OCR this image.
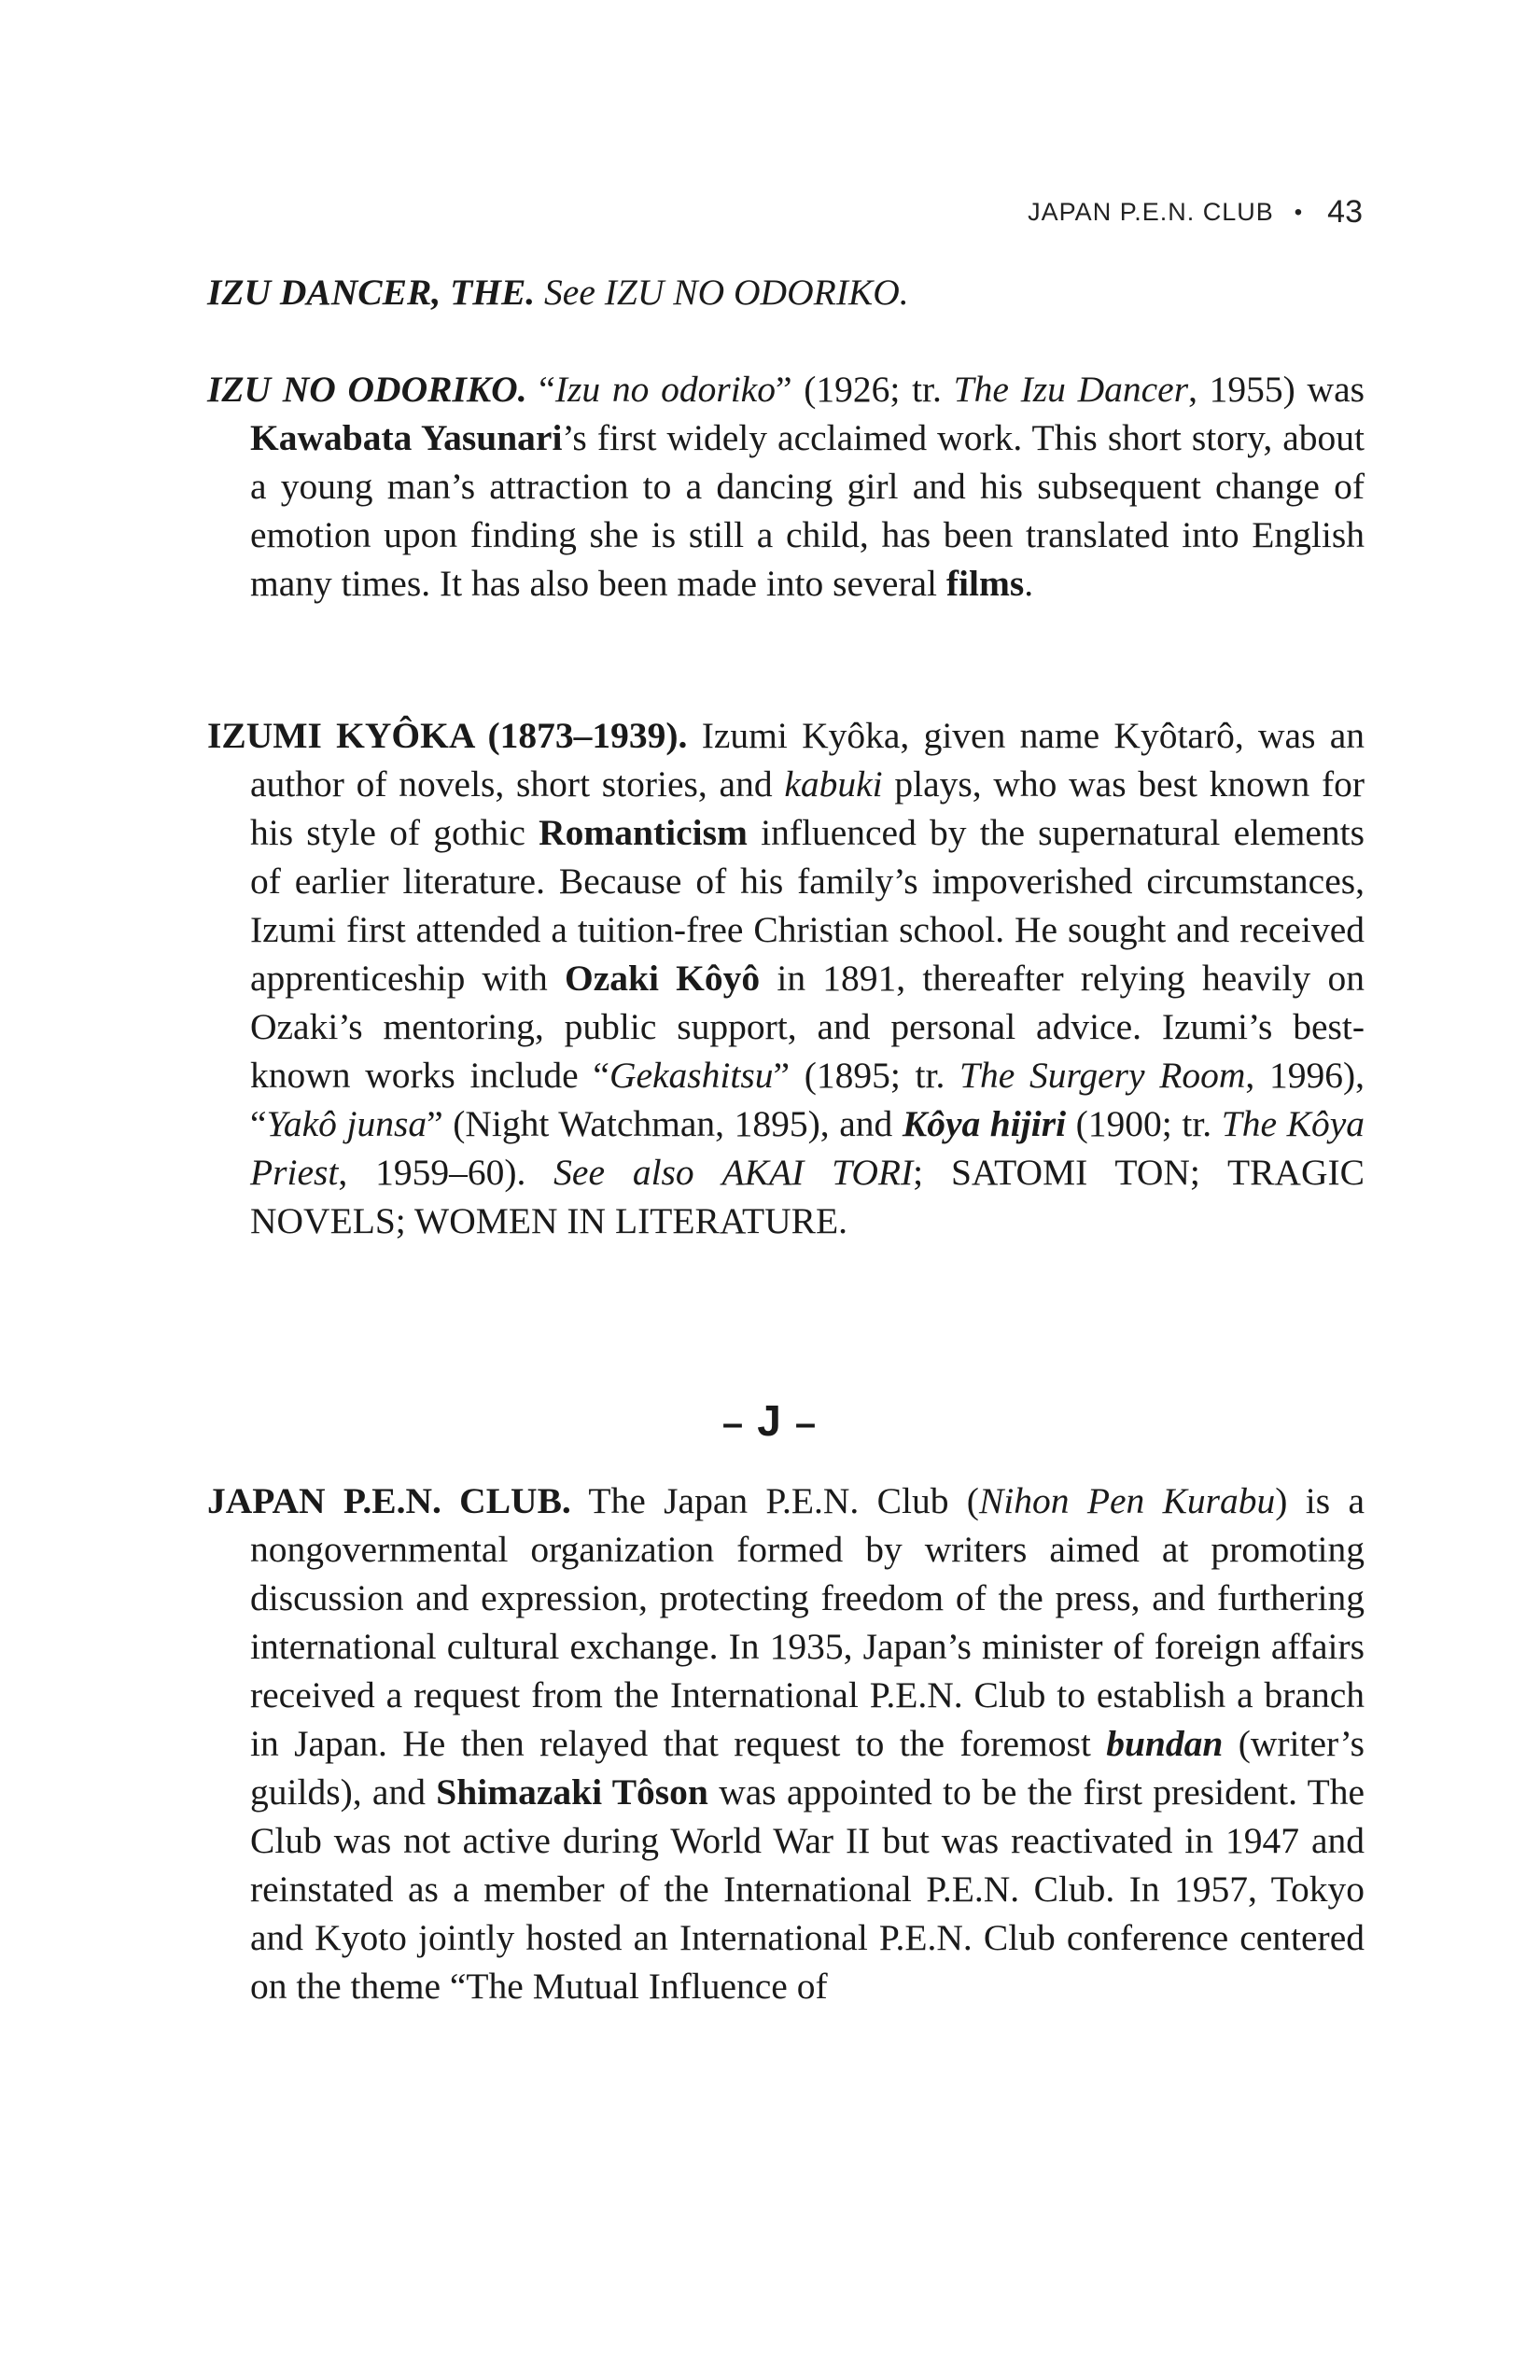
JAPAN P.E.N. CLUB • 43

IZU DANCER, THE. See IZU NO ODORIKO.

IZU NO ODORIKO. “Izu no odoriko” (1926; tr. The Izu Dancer, 1955) was Kawabata Yasunari’s first widely acclaimed work. This short story, about a young man’s attraction to a dancing girl and his subsequent change of emotion upon finding she is still a child, has been translated into English many times. It has also been made into several films.

IZUMI KYÔKA (1873–1939). Izumi Kyôka, given name Kyôtarô, was an author of novels, short stories, and kabuki plays, who was best known for his style of gothic Romanticism influenced by the supernatural elements of earlier literature. Because of his family’s impoverished circumstances, Izumi first attended a tuition-free Christian school. He sought and received apprenticeship with Ozaki Kôyô in 1891, thereafter relying heavily on Ozaki’s mentoring, public support, and personal advice. Izumi’s best-known works include “Gekashitsu” (1895; tr. The Surgery Room, 1996), “Yakô junsa” (Night Watchman, 1895), and Kôya hijiri (1900; tr. The Kôya Priest, 1959–60). See also AKAI TORI; SATOMI TON; TRAGIC NOVELS; WOMEN IN LITERATURE.

– J –

JAPAN P.E.N. CLUB. The Japan P.E.N. Club (Nihon Pen Kurabu) is a nongovernmental organization formed by writers aimed at promoting discussion and expression, protecting freedom of the press, and furthering international cultural exchange. In 1935, Japan’s minister of foreign affairs received a request from the International P.E.N. Club to establish a branch in Japan. He then relayed that request to the foremost bundan (writer’s guilds), and Shimazaki Tôson was appointed to be the first president. The Club was not active during World War II but was reactivated in 1947 and reinstated as a member of the International P.E.N. Club. In 1957, Tokyo and Kyoto jointly hosted an International P.E.N. Club conference centered on the theme “The Mutual Influence of
